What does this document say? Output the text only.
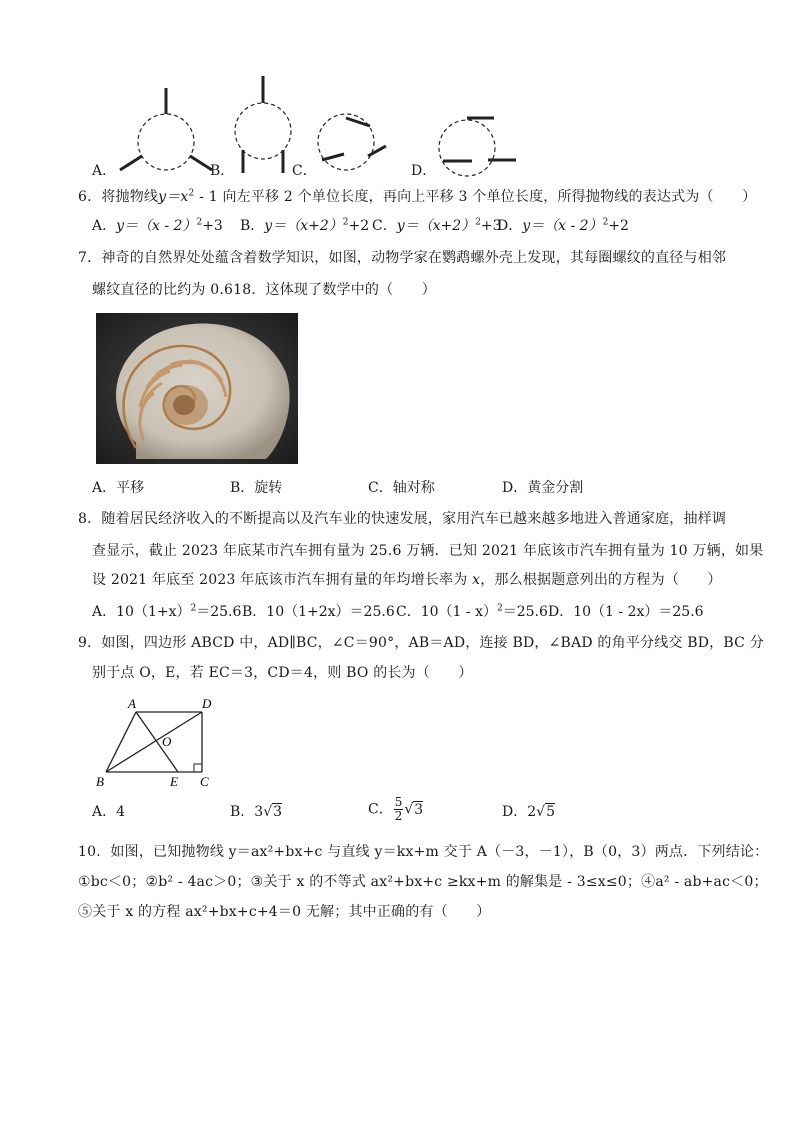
A．	B．	C．	D．
6．将抛物线$y=x^2 - 1$ 向左平移 2 个单位长度，再向上平移 3 个单位长度，所得抛物线的表达式为（　　）
A．y＝（x - 2）$^2$+3 B．$y=(x+2)^2+2$ C．$y=(x+2)^2+3$
D．y＝（x - 2）$^2$+2
7．神奇的自然界处处蕴含着数学知识，如图，动物学家在鹦鹉螺外壳上发现，其每圈螺纹的直径与相邻
螺纹直径的比约为 0.618．这体现了数学中的（　　）
A．平移	B．旋转	C．轴对称	D．黄金分割
8．随着居民经济收入的不断提高以及汽车业的快速发展，家用汽车已越来越多地进入普通家庭，抽样调
查显示，截止 2023 年底某市汽车拥有量为 25.6 万辆．已知 2021 年底该市汽车拥有量为 10 万辆，如果
设 2021 年底至 2023 年底该市汽车拥有量的年均增长率为 x，那么根据题意列出的方程为（　　）
A．$10(1+x)^2=25.6$ B．10（1+2x）＝25.6 C．10（1 - x）$^2$＝25.6 D．10（1 - 2x）＝25.6
9．如图，四边形 ABCD 中，AD∥BC，∠C＝90°，AB＝AD，连接 BD，∠BAD 的角平分线交 BD，BC 分
别于点 O，E，若 EC＝3，CD＝4，则 BO 的长为（　　）
A	D
O
B	E C
A．4	B．3√3	C． $\frac{5}{2} √3$	D．2√5
10．如图，已知抛物线 y＝ax²+bx+c 与直线 y＝kx+m 交于 A（－3，－1），B（0，3）两点．下列结论：
①bc＜0；②b² - 4ac＞0；③关于 x 的不等式 ax²+bx+c ≥kx+m 的解集是 - 3≤x≤0；④a² - ab+ac＜0；
⑤关于 x 的方程 ax²+bx+c+4＝0 无解；其中正确的有（　　）
